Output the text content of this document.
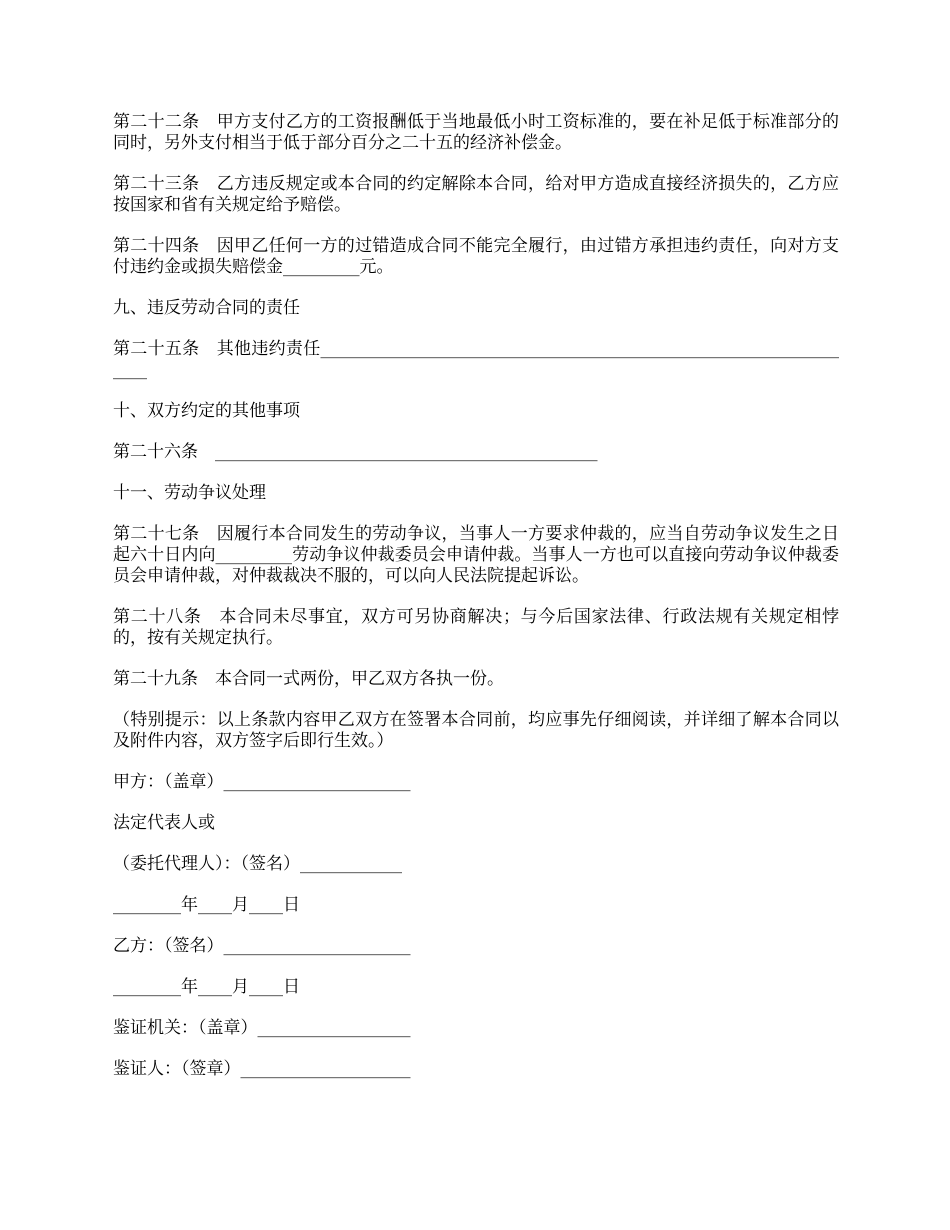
第二十二条　甲方支付乙方的工资报酬低于当地最低小时工资标准的，要在补足低于标准部分的同时，另外支付相当于低于部分百分之二十五的经济补偿金。

第二十三条　乙方违反规定或本合同的约定解除本合同，给对甲方造成直接经济损失的，乙方应按国家和省有关规定给予赔偿。

第二十四条　因甲乙任何一方的过错造成合同不能完全履行，由过错方承担违约责任，向对方支付违约金或损失赔偿金_________元。

九、违反劳动合同的责任

第二十五条　其他违约责任_________________________________________________________________

十、双方约定的其他事项

第二十六条　_____________________________________________

十一、劳动争议处理

第二十七条　因履行本合同发生的劳动争议，当事人一方要求仲裁的，应当自劳动争议发生之日起六十日内向_________劳动争议仲裁委员会申请仲裁。当事人一方也可以直接向劳动争议仲裁委员会申请仲裁，对仲裁裁决不服的，可以向人民法院提起诉讼。

第二十八条　本合同未尽事宜，双方可另协商解决；与今后国家法律、行政法规有关规定相悖的，按有关规定执行。

第二十九条　本合同一式两份，甲乙双方各执一份。

（特别提示：以上条款内容甲乙双方在签署本合同前，均应事先仔细阅读，并详细了解本合同以及附件内容，双方签字后即行生效。）

甲方：（盖章）______________________
法定代表人或
（委托代理人）：（签名）____________
________年____月____日
乙方：（签名）______________________
________年____月____日
鉴证机关：（盖章）__________________
鉴证人：（签章）____________________
